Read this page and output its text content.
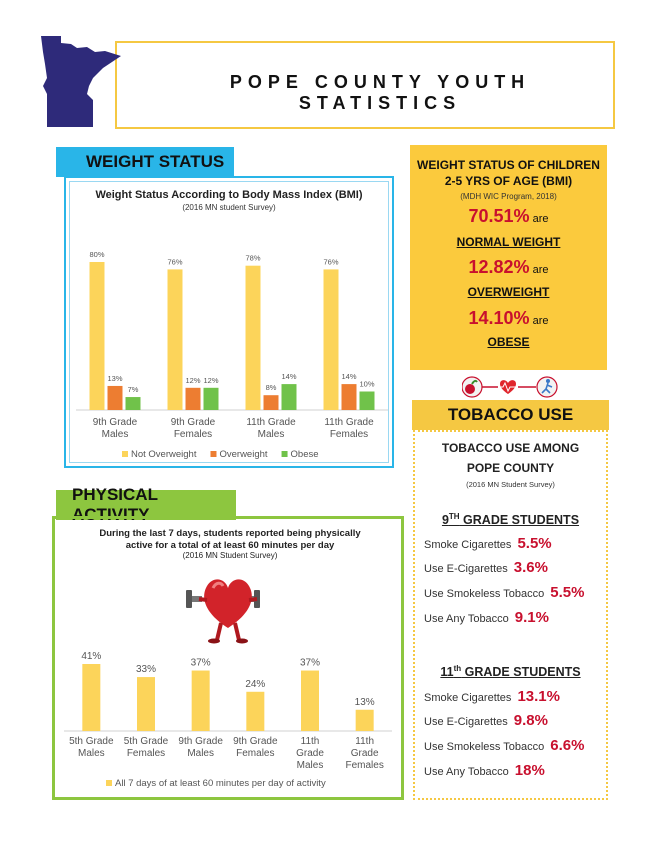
POPE COUNTY YOUTH STATISTICS
WEIGHT STATUS
Weight Status According to Body Mass Index (BMI)
(2016 MN student Survey)
80%
13%
7%
9th Grade
Males
76%
12% 12%
9th Grade
Females
78%
8%
14%
11th Grade
Males
76%
14%
10%
11th Grade
Females
Not Overweight Overweight Obese
PHYSICAL ACTIVITY
During the last 7 days, students reported being physically
active for a total of at least 60 minutes per day
(2016 MN Student Survey)
41%
5th Grade
Males
33%
5th Grade
Females
37%
9th Grade
Males
24%
9th Grade
Females
37%
11th
Grade
Males
13%
11th
Grade
Females
All 7 days of at least 60 minutes per day of activity
WEIGHT STATUS OF CHILDREN
2-5 YRS OF AGE (BMI)
(MDH WIC Program, 2018)
70.51% are
NORMAL WEIGHT
12.82% are
OVERWEIGHT
14.10% are
OBESE
TOBACCO USE
TOBACCO USE AMONG
POPE COUNTY
(2016 MN Student Survey)
9TH GRADE STUDENTS
Smoke Cigarettes 5.5%
Use E-Cigarettes 3.6%
Use Smokeless Tobacco 5.5%
Use Any Tobacco 9.1%
11th GRADE STUDENTS
Smoke Cigarettes 13.1%
Use E-Cigarettes 9.8%
Use Smokeless Tobacco 6.6%
Use Any Tobacco 18%
